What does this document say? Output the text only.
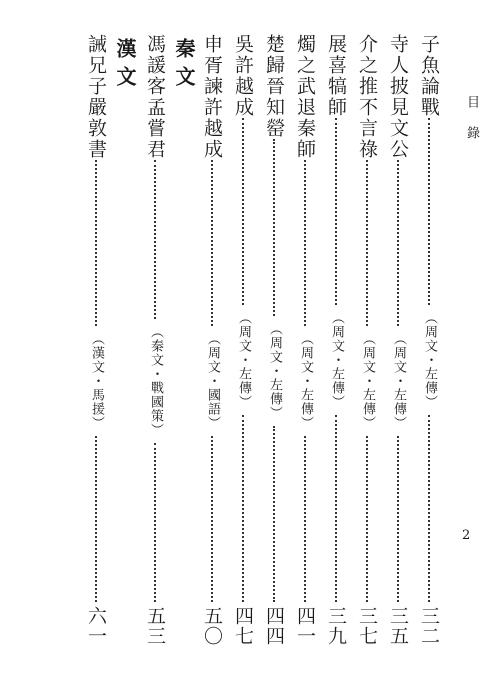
目錄
2
子魚論戰
（周文・左傳）
三二
寺人披見文公
（周文・左傳）
三五
介之推不言祿
（周文・左傳）
三七
展喜犒師
（周文・左傳）
三九
燭之武退秦師
（周文・左傳）
四一
楚歸晉知罃
（周文・左傳）
四四
吳許越成
（周文・左傳）
四七
申胥諫許越成
（周文・國語）
五〇
秦文
馮諼客孟嘗君
（秦文・戰國策）
五三
漢文
誡兄子嚴敦書
（漢文・馬援）
六一
